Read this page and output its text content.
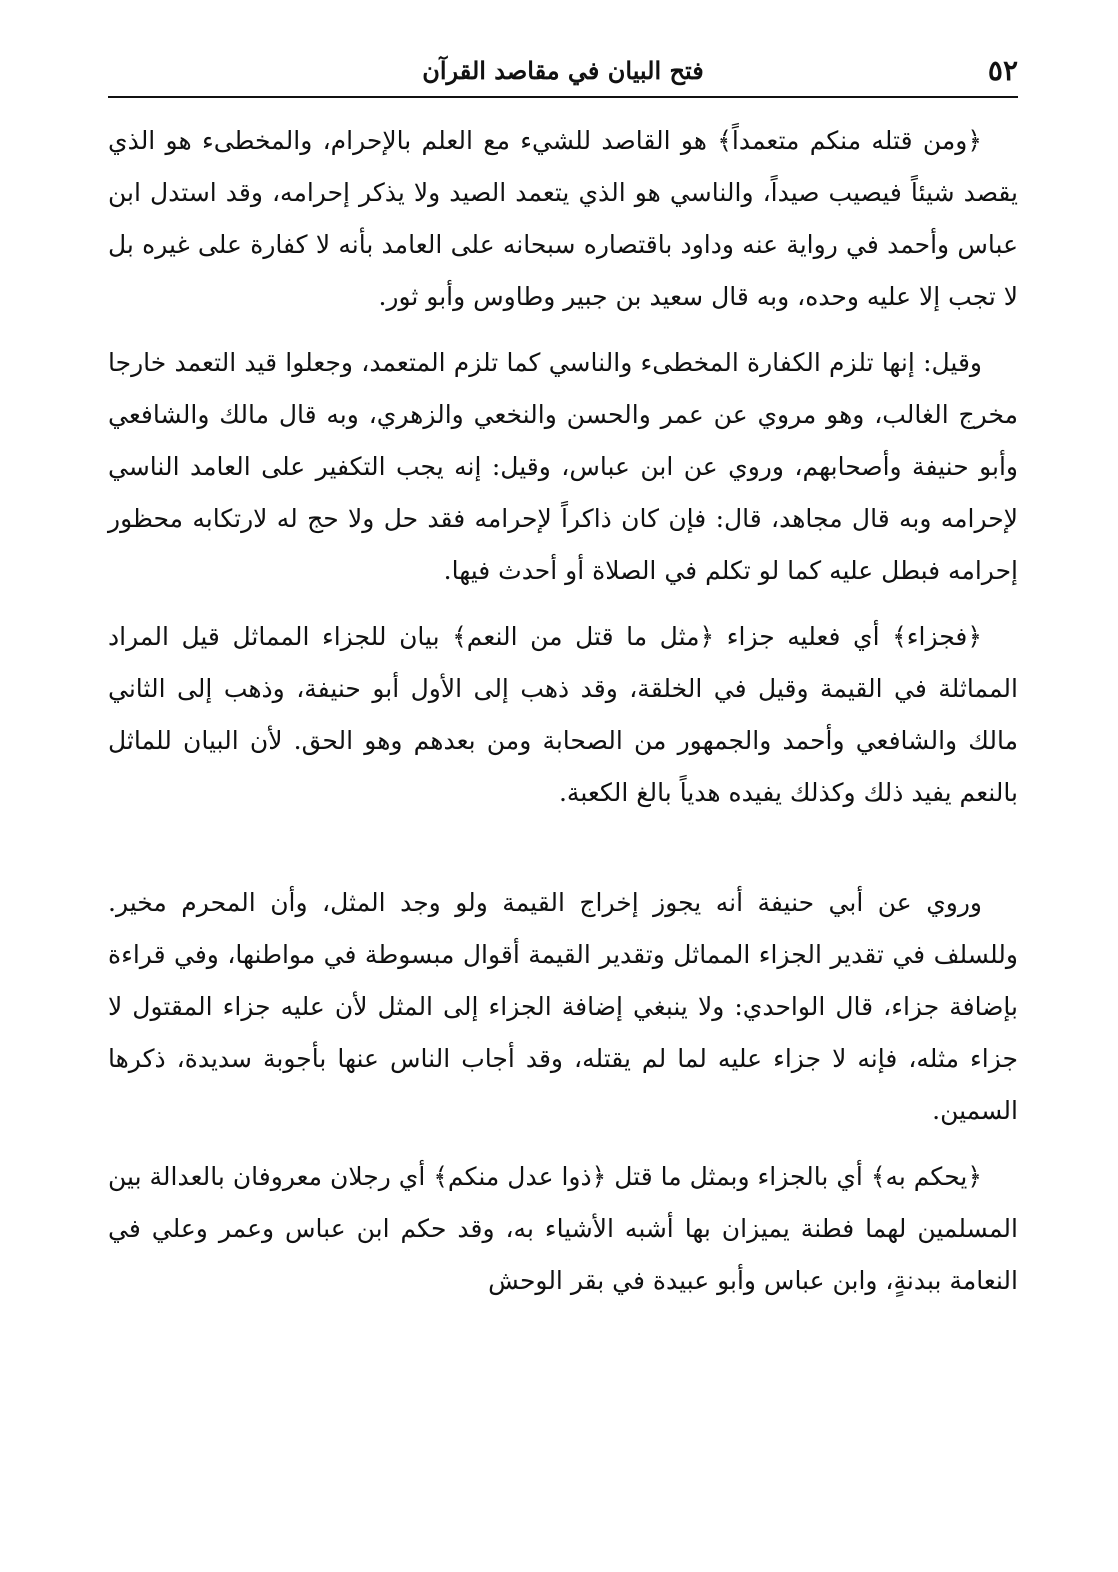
٥٢
فتح البيان في مقاصد القرآن

﴿ومن قتله منكم متعمداً﴾ هو القاصد للشيء مع العلم بالإحرام، والمخطىء هو الذي يقصد شيئاً فيصيب صيداً، والناسي هو الذي يتعمد الصيد ولا يذكر إحرامه، وقد استدل ابن عباس وأحمد في رواية عنه وداود باقتصاره سبحانه على العامد بأنه لا كفارة على غيره بل لا تجب إلا عليه وحده، وبه قال سعيد بن جبير وطاوس وأبو ثور.

وقيل: إنها تلزم الكفارة المخطىء والناسي كما تلزم المتعمد، وجعلوا قيد التعمد خارجا مخرج الغالب، وهو مروي عن عمر والحسن والنخعي والزهري، وبه قال مالك والشافعي وأبو حنيفة وأصحابهم، وروي عن ابن عباس، وقيل: إنه يجب التكفير على العامد الناسي لإحرامه وبه قال مجاهد، قال: فإن كان ذاكراً لإحرامه فقد حل ولا حج له لارتكابه محظور إحرامه فبطل عليه كما لو تكلم في الصلاة أو أحدث فيها.

﴿فجزاء﴾ أي فعليه جزاء ﴿مثل ما قتل من النعم﴾ بيان للجزاء المماثل قيل المراد المماثلة في القيمة وقيل في الخلقة، وقد ذهب إلى الأول أبو حنيفة، وذهب إلى الثاني مالك والشافعي وأحمد والجمهور من الصحابة ومن بعدهم وهو الحق. لأن البيان للماثل بالنعم يفيد ذلك وكذلك يفيده هدياً بالغ الكعبة.

وروي عن أبي حنيفة أنه يجوز إخراج القيمة ولو وجد المثل، وأن المحرم مخير. وللسلف في تقدير الجزاء المماثل وتقدير القيمة أقوال مبسوطة في مواطنها، وفي قراءة بإضافة جزاء، قال الواحدي: ولا ينبغي إضافة الجزاء إلى المثل لأن عليه جزاء المقتول لا جزاء مثله، فإنه لا جزاء عليه لما لم يقتله، وقد أجاب الناس عنها بأجوبة سديدة، ذكرها السمين.

﴿يحكم به﴾ أي بالجزاء وبمثل ما قتل ﴿ذوا عدل منكم﴾ أي رجلان معروفان بالعدالة بين المسلمين لهما فطنة يميزان بها أشبه الأشياء به، وقد حكم ابن عباس وعمر وعلي في النعامة ببدنةٍ، وابن عباس وأبو عبيدة في بقر الوحش
